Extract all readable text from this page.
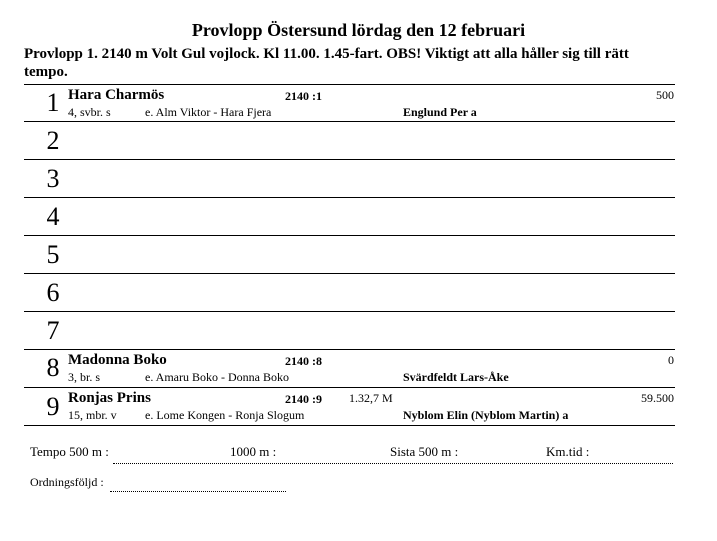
Provlopp Östersund lördag den 12 februari
Provlopp 1. 2140 m Volt Gul vojlock. Kl 11.00. 1.45-fart. OBS! Viktigt att alla håller sig till rätt
tempo.
1 Hara Charmös	2140 :1	500
4, svbr. s	e. Alm Viktor - Hara Fjera	Englund Per a
2
3
4
5
6
7
8 Madonna Boko	2140 :8	0
3, br. s	e. Amaru Boko - Donna Boko	Svärdfeldt Lars-Åke
9 Ronjas Prins	2140 :9 1.32,7 M	59.500
15, mbr. v e. Lome Kongen - Ronja Slogum	Nyblom Elin (Nyblom Martin) a
Tempo 500 m :	1000 m :	Sista 500 m :	Km.tid :
Ordningsföljd :
